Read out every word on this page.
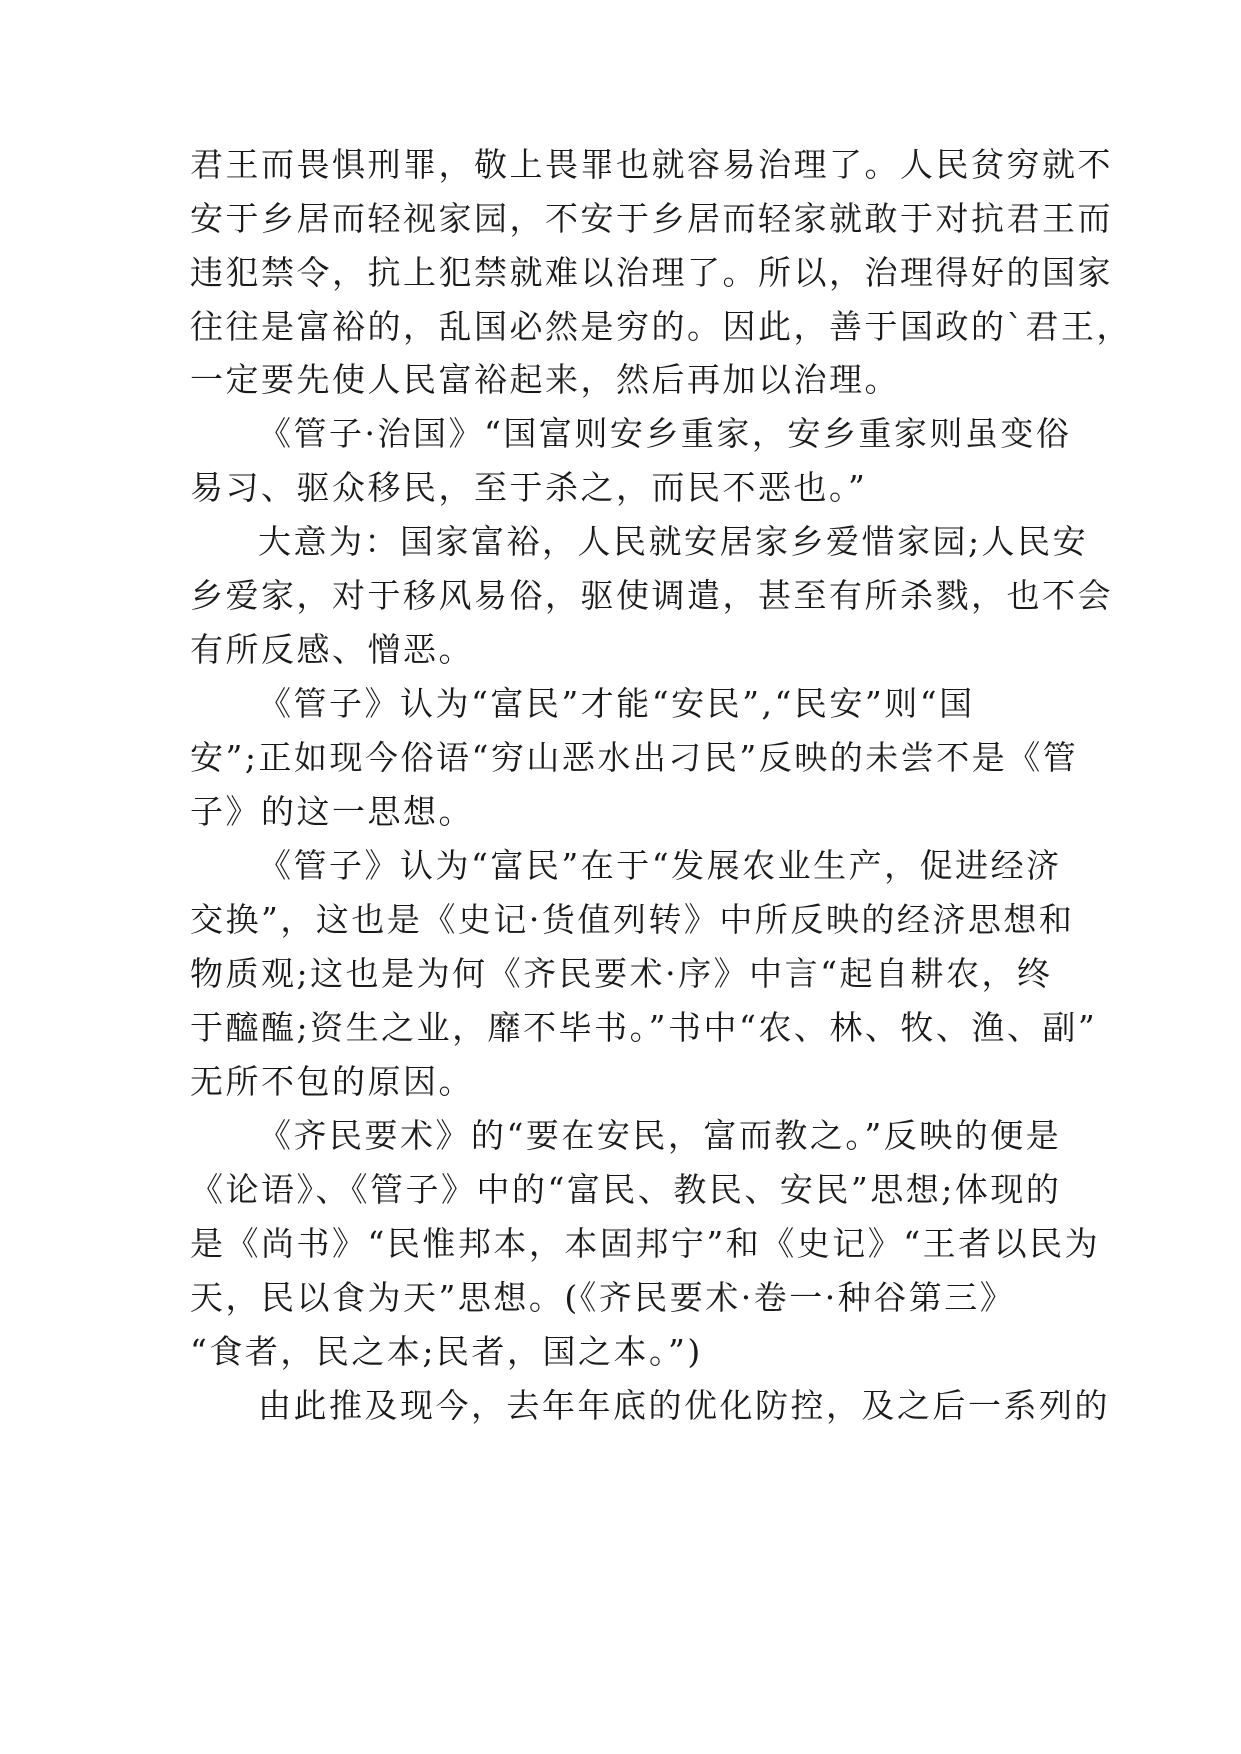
君王而畏惧刑罪，敬上畏罪也就容易治理了。人民贫穷就不
安于乡居而轻视家园，不安于乡居而轻家就敢于对抗君王而
违犯禁令，抗上犯禁就难以治理了。所以，治理得好的国家
往往是富裕的，乱国必然是穷的。因此，善于国政的`君王，
一定要先使人民富裕起来，然后再加以治理。
《管子·治国》“国富则安乡重家，安乡重家则虽变俗
易习、驱众移民，至于杀之，而民不恶也。”
大意为：国家富裕，人民就安居家乡爱惜家园;人民安
乡爱家，对于移风易俗，驱使调遣，甚至有所杀戮，也不会
有所反感、憎恶。
《管子》认为“富民”才能“安民”,“民安”则“国
安”;正如现今俗语“穷山恶水出刁民”反映的未尝不是《管
子》的这一思想。
《管子》认为“富民”在于“发展农业生产，促进经济
交换”，这也是《史记·货值列转》中所反映的经济思想和
物质观;这也是为何《齐民要术·序》中言“起自耕农，终
于醯醢;资生之业，靡不毕书。”书中“农、林、牧、渔、副”
无所不包的原因。
《齐民要术》的“要在安民，富而教之。”反映的便是
《论语》、《管子》中的“富民、教民、安民”思想;体现的
是《尚书》“民惟邦本，本固邦宁”和《史记》“王者以民为
天，民以食为天”思想。(《齐民要术·卷一·种谷第三》
“食者，民之本;民者，国之本。”)
由此推及现今，去年年底的优化防控，及之后一系列的
